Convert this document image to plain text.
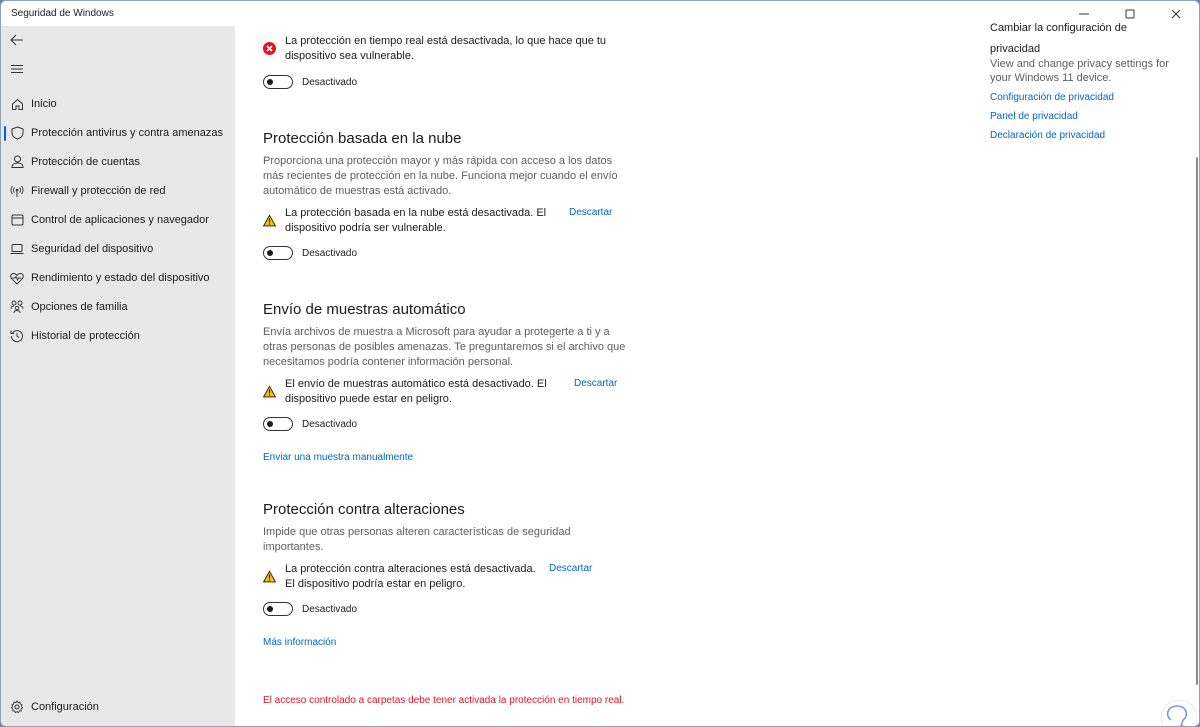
Seguridad de Windows
Inicio
Protección antivirus y contra amenazas
Protección de cuentas
Firewall y protección de red
Control de aplicaciones y navegador
Seguridad del dispositivo
Rendimiento y estado del dispositivo
Opciones de familia
Historial de protección
Configuración
La protección en tiempo real está desactivada, lo que hace que tu dispositivo sea vulnerable.
Desactivado
Protección basada en la nube
Proporciona una protección mayor y más rápida con acceso a los datos más recientes de protección en la nube. Funciona mejor cuando el envío automático de muestras está activado.
La protección basada en la nube está desactivada. El dispositivo podría ser vulnerable.
Descartar
Desactivado
Envío de muestras automático
Envía archivos de muestra a Microsoft para ayudar a protegerte a ti y a otras personas de posibles amenazas. Te preguntaremos si el archivo que necesitamos podría contener información personal.
El envío de muestras automático está desactivado. El dispositivo puede estar en peligro.
Descartar
Desactivado
Enviar una muestra manualmente
Protección contra alteraciones
Impide que otras personas alteren características de seguridad importantes.
La protección contra alteraciones está desactivada. El dispositivo podría estar en peligro.
Descartar
Desactivado
Más información
El acceso controlado a carpetas debe tener activada la protección en tiempo real.
Cambiar la configuración de privacidad
View and change privacy settings for your Windows 11 device.
Configuración de privacidad
Panel de privacidad
Declaración de privacidad
